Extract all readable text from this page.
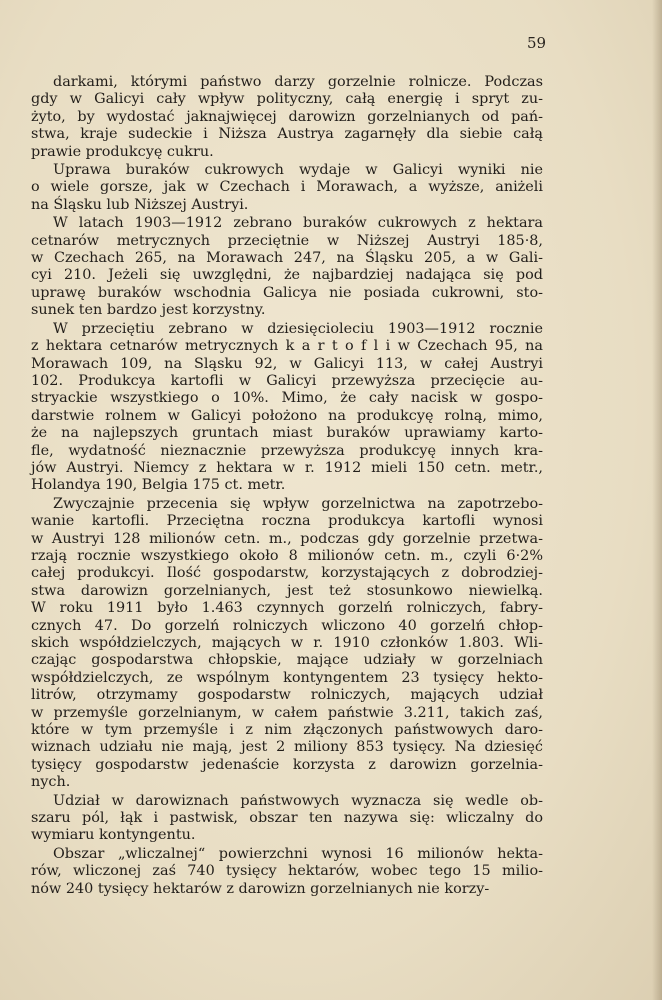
59

darkami, którymi państwo darzy gorzelnie rolnicze. Podczas
gdy w Galicyi cały wpływ polityczny, całą energię i spryt zu-
żyto, by wydostać jaknajwięcej darowizn gorzelnianych od pań-
stwa, kraje sudeckie i Niższa Austrya zagarnęły dla siebie całą
prawie produkcyę cukru.
Uprawa buraków cukrowych wydaje w Galicyi wyniki nie
o wiele gorsze, jak w Czechach i Morawach, a wyższe, aniżeli
na Śląsku lub Niższej Austryi.
W latach 1903—1912 zebrano buraków cukrowych z hektara
cetnarów metrycznych przeciętnie w Niższej Austryi 185·8,
w Czechach 265, na Morawach 247, na Śląsku 205, a w Gali-
cyi 210. Jeżeli się uwzględni, że najbardziej nadająca się pod
uprawę buraków wschodnia Galicya nie posiada cukrowni, sto-
sunek ten bardzo jest korzystny.
W przeciętiu zebrano w dziesięcioleciu 1903—1912 rocznie
z hektara cetnarów metrycznych k a r t o f l i w Czechach 95, na
Morawach 109, na Sląsku 92, w Galicyi 113, w całej Austryi
102. Produkcya kartofli w Galicyi przewyższa przecięcie au-
stryackie wszystkiego o 10%. Mimo, że cały nacisk w gospo-
darstwie rolnem w Galicyi położono na produkcyę rolną, mimo,
że na najlepszych gruntach miast buraków uprawiamy karto-
fle, wydatność nieznacznie przewyższa produkcyę innych kra-
jów Austryi. Niemcy z hektara w r. 1912 mieli 150 cetn. metr.,
Holandya 190, Belgia 175 ct. metr.
Zwyczajnie przecenia się wpływ gorzelnictwa na zapotrzebo-
wanie kartofli. Przeciętna roczna produkcya kartofli wynosi
w Austryi 128 milionów cetn. m., podczas gdy gorzelnie przetwa-
rzają rocznie wszystkiego około 8 milionów cetn. m., czyli 6·2%
całej produkcyi. Ilość gospodarstw, korzystających z dobrodziej-
stwa darowizn gorzelnianych, jest też stosunkowo niewielką.
W roku 1911 było 1.463 czynnych gorzelń rolniczych, fabry-
cznych 47. Do gorzelń rolniczych wliczono 40 gorzelń chłop-
skich współdzielczych, mających w r. 1910 członków 1.803. Wli-
czając gospodarstwa chłopskie, mające udziały w gorzelniach
współdzielczych, ze wspólnym kontyngentem 23 tysięcy hekto-
litrów, otrzymamy gospodarstw rolniczych, mających udział
w przemyśle gorzelnianym, w całem państwie 3.211, takich zaś,
które w tym przemyśle i z nim złączonych państwowych daro-
wiznach udziału nie mają, jest 2 miliony 853 tysięcy. Na dziesięć
tysięcy gospodarstw jedenaście korzysta z darowizn gorzelnia-
nych.
Udział w darowiznach państwowych wyznacza się wedle ob-
szaru pól, łąk i pastwisk, obszar ten nazywa się: wliczalny do
wymiaru kontyngentu.
Obszar „wliczalnej“ powierzchni wynosi 16 milionów hekta-
rów, wliczonej zaś 740 tysięcy hektarów, wobec tego 15 milio-
nów 240 tysięcy hektarów z darowizn gorzelnianych nie korzy-
